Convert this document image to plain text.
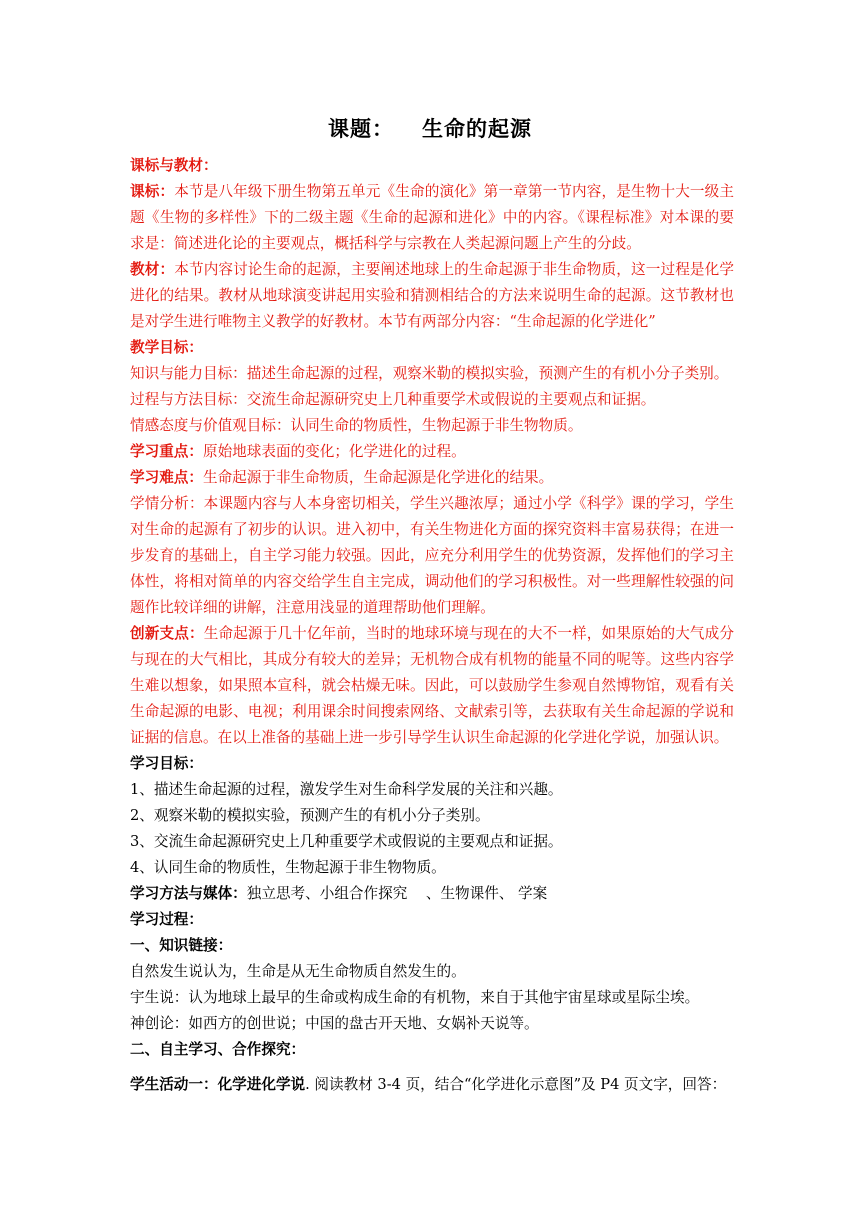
课题： 生命的起源

课标与教材：

课标：本节是八年级下册生物第五单元《生命的演化》第一章第一节内容，是生物十大一级主题《生物的多样性》下的二级主题《生命的起源和进化》中的内容。《课程标准》对本课的要求是：简述进化论的主要观点，概括科学与宗教在人类起源问题上产生的分歧。

教材：本节内容讨论生命的起源，主要阐述地球上的生命起源于非生命物质，这一过程是化学进化的结果。教材从地球演变讲起用实验和猜测相结合的方法来说明生命的起源。这节教材也是对学生进行唯物主义教学的好教材。本节有两部分内容：“生命起源的化学进化”

教学目标：

知识与能力目标：描述生命起源的过程，观察米勒的模拟实验，预测产生的有机小分子类别。

过程与方法目标：交流生命起源研究史上几种重要学术或假说的主要观点和证据。

情感态度与价值观目标：认同生命的物质性，生物起源于非生物物质。

学习重点：原始地球表面的变化；化学进化的过程。

学习难点：生命起源于非生命物质，生命起源是化学进化的结果。

学情分析：本课题内容与人本身密切相关，学生兴趣浓厚；通过小学《科学》课的学习，学生对生命的起源有了初步的认识。进入初中，有关生物进化方面的探究资料丰富易获得；在进一步发育的基础上，自主学习能力较强。因此，应充分利用学生的优势资源，发挥他们的学习主体性，将相对简单的内容交给学生自主完成，调动他们的学习积极性。对一些理解性较强的问题作比较详细的讲解，注意用浅显的道理帮助他们理解。

创新支点：生命起源于几十亿年前，当时的地球环境与现在的大不一样，如果原始的大气成分与现在的大气相比，其成分有较大的差异；无机物合成有机物的能量不同的呢等。这些内容学生难以想象，如果照本宣科，就会枯燥无味。因此，可以鼓励学生参观自然博物馆，观看有关生命起源的电影、电视；利用课余时间搜索网络、文献索引等，去获取有关生命起源的学说和证据的信息。在以上准备的基础上进一步引导学生认识生命起源的化学进化学说，加强认识。

学习目标：

1、描述生命起源的过程，激发学生对生命科学发展的关注和兴趣。

2、观察米勒的模拟实验，预测产生的有机小分子类别。

3、交流生命起源研究史上几种重要学术或假说的主要观点和证据。

4、认同生命的物质性，生物起源于非生物物质。

学习方法与媒体：独立思考、小组合作探究    、生物课件、 学案

学习过程：

一、知识链接：

自然发生说认为，生命是从无生命物质自然发生的。

宇生说：认为地球上最早的生命或构成生命的有机物，来自于其他宇宙星球或星际尘埃。

神创论：如西方的创世说；中国的盘古开天地、女娲补天说等。

二、自主学习、合作探究：

学生活动一：化学进化学说. 阅读教材 3-4 页，结合“化学进化示意图”及 P4 页文字，回答：
